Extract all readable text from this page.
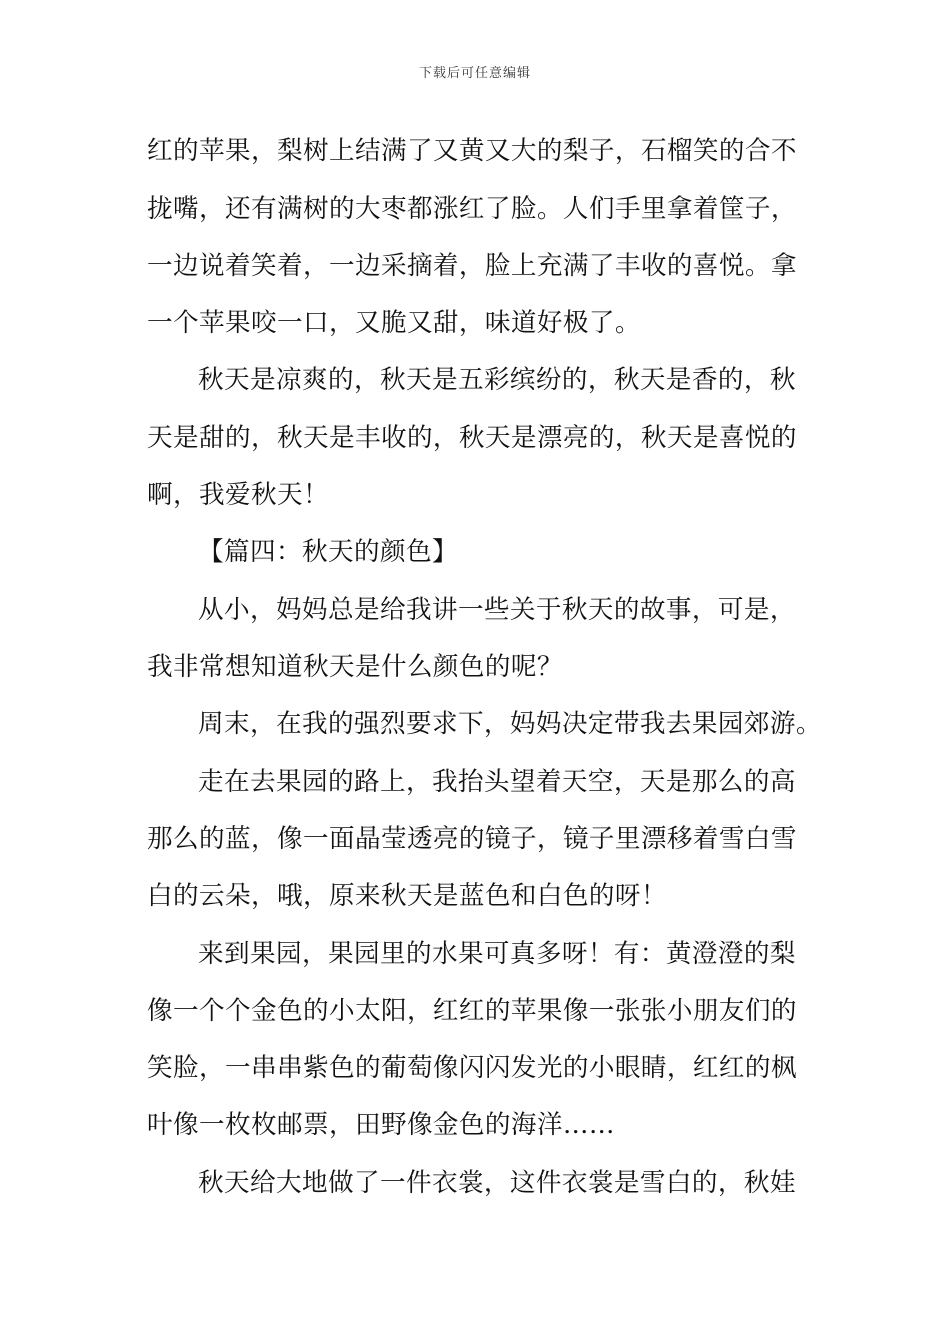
下载后可任意编辑
红的苹果，梨树上结满了又黄又大的梨子，石榴笑的合不
拢嘴，还有满树的大枣都涨红了脸。人们手里拿着筐子，
一边说着笑着，一边采摘着，脸上充满了丰收的喜悦。拿
一个苹果咬一口，又脆又甜，味道好极了。
秋天是凉爽的，秋天是五彩缤纷的，秋天是香的，秋
天是甜的，秋天是丰收的，秋天是漂亮的，秋天是喜悦的
啊，我爱秋天！
【篇四：秋天的颜色】
从小，妈妈总是给我讲一些关于秋天的故事，可是，
我非常想知道秋天是什么颜色的呢？
周末，在我的强烈要求下，妈妈决定带我去果园郊游。
走在去果园的路上，我抬头望着天空，天是那么的高
那么的蓝，像一面晶莹透亮的镜子，镜子里漂移着雪白雪
白的云朵，哦，原来秋天是蓝色和白色的呀！
来到果园，果园里的水果可真多呀！有：黄澄澄的梨
像一个个金色的小太阳，红红的苹果像一张张小朋友们的
笑脸，一串串紫色的葡萄像闪闪发光的小眼睛，红红的枫
叶像一枚枚邮票，田野像金色的海洋……
秋天给大地做了一件衣裳，这件衣裳是雪白的，秋娃
